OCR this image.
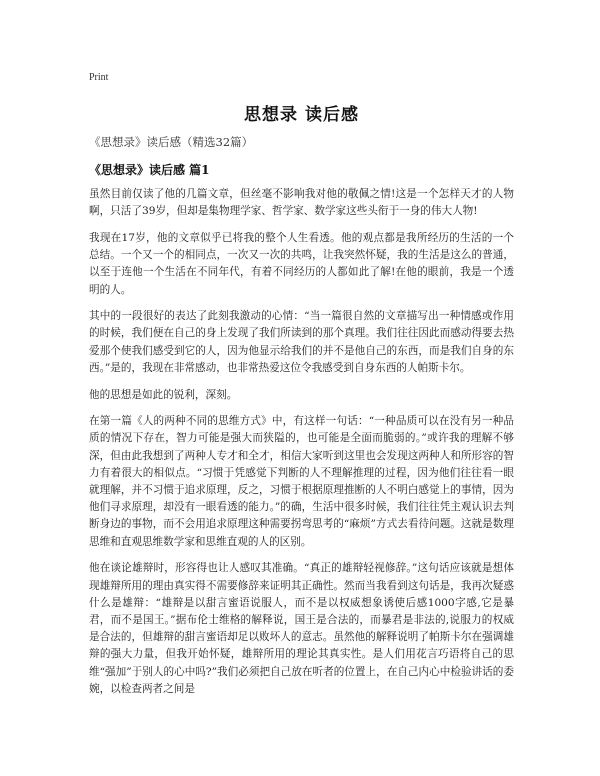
Print
思想录 读后感

《思想录》读后感（精选32篇）

《思想录》读后感 篇1

虽然目前仅读了他的几篇文章，但丝毫不影响我对他的敬佩之情!这是一个怎样天才的人物啊，只活了39岁，但却是集物理学家、哲学家、数学家这些头衔于一身的伟大人物!

我现在17岁，他的文章似乎已将我的整个人生看透。他的观点都是我所经历的生活的一个总结。一个又一个的相同点，一次又一次的共鸣，让我突然怀疑，我的生活是这么的普通，以至于连他一个生活在不同年代，有着不同经历的人都如此了解!在他的眼前，我是一个透明的人。

其中的一段很好的表达了此刻我激动的心情：“当一篇很自然的文章描写出一种情感或作用的时候，我们便在自己的身上发现了我们所读到的那个真理。我们往往因此而感动得要去热爱那个使我们感受到它的人，因为他显示给我们的并不是他自己的东西，而是我们自身的东西。”是的，我现在非常感动，也非常热爱这位令我感受到自身东西的人帕斯卡尔。

他的思想是如此的锐利，深刻。

在第一篇《人的两种不同的思维方式》中，有这样一句话：“一种品质可以在没有另一种品质的情况下存在，智力可能是强大而狭隘的，也可能是全面而脆弱的。”或许我的理解不够深，但由此我想到了两种人专才和全才，相信大家听到这里也会发现这两种人和所形容的智力有着很大的相似点。“习惯于凭感觉下判断的人不理解推理的过程，因为他们往往看一眼就理解，并不习惯于追求原理，反之，习惯于根据原理推断的人不明白感觉上的事情，因为他们寻求原理，却没有一眼看透的能力。”的确，生活中很多时候，我们往往凭主观认识去判断身边的事物，而不会用追求原理这种需要拐弯思考的“麻烦”方式去看待问题。这就是数理思维和直观思维数学家和思维直观的人的区别。

他在谈论雄辩时，形容得也让人感叹其准确。“真正的雄辩轻视修辞。”这句话应该就是想体现雄辩所用的理由真实得不需要修辞来证明其正确性。然而当我看到这句话是，我再次疑惑什么是雄辩：“雄辩是以甜言蜜语说服人，而不是以权威想象诱使后感1000字感,它是暴君，而不是国王。”据布伦士维格的解释说，国王是合法的，而暴君是非法的,说服力的权威是合法的，但雄辩的甜言蜜语却足以败坏人的意志。虽然他的解释说明了帕斯卡尔在强调雄辩的强大力量，但我开始怀疑，雄辩所用的理论其真实性。是人们用花言巧语将自己的思维“强加”于别人的心中吗?”我们必须把自己放在听者的位置上，在自己内心中检验讲话的委婉，以检查两者之间是
